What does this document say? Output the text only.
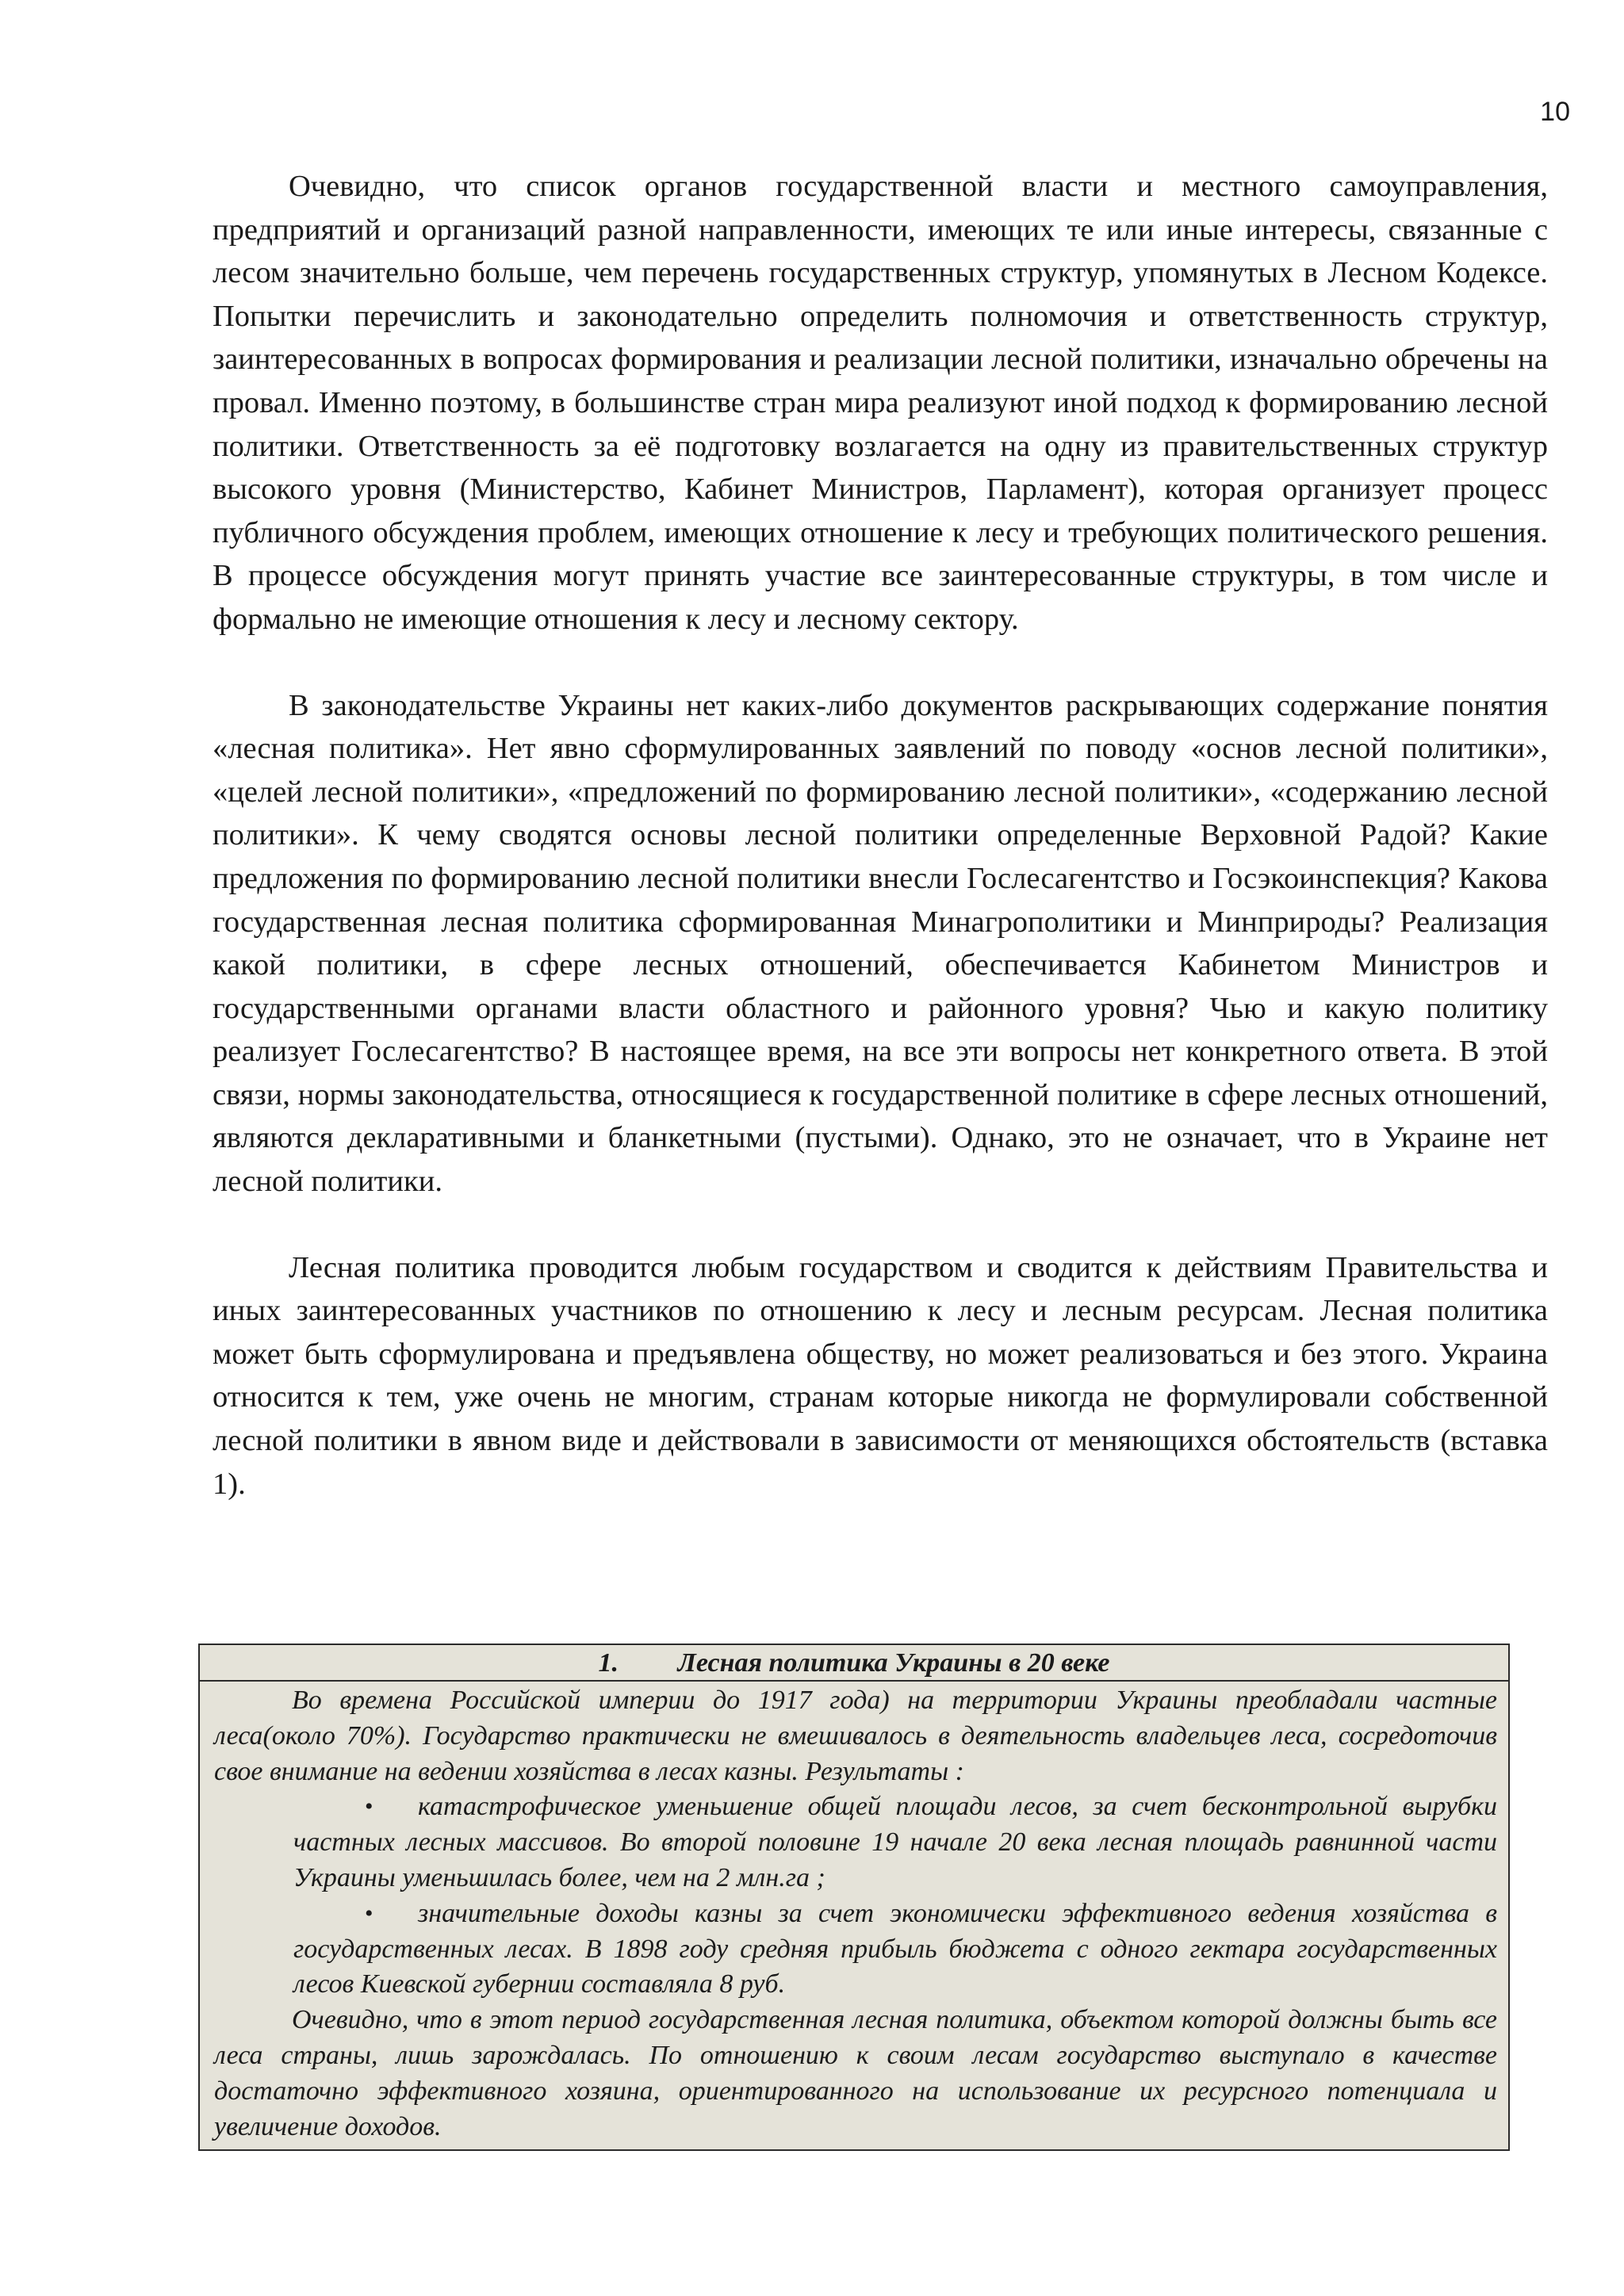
10

Очевидно, что список органов государственной власти и местного самоуправления, предприятий и организаций разной направленности, имеющих те или иные интересы, связанные с лесом значительно больше, чем перечень государственных структур, упомянутых в Лесном Кодексе. Попытки перечислить и законодательно определить полномочия и ответственность структур, заинтересованных в вопросах формирования и реализации лесной политики, изначально обречены на провал. Именно поэтому, в большинстве стран мира реализуют иной подход к формированию лесной политики. Ответственность за её подготовку возлагается на одну из правительственных структур высокого уровня (Министерство, Кабинет Министров, Парламент), которая организует процесс публичного обсуждения проблем, имеющих отношение к лесу и требующих политического решения. В процессе обсуждения могут принять участие все заинтересованные структуры, в том числе и формально не имеющие отношения к лесу и лесному сектору.

В законодательстве Украины нет каких-либо документов раскрывающих содержание понятия «лесная политика». Нет явно сформулированных заявлений по поводу «основ лесной политики», «целей лесной политики», «предложений по формированию лесной политики», «содержанию лесной политики». К чему сводятся основы лесной политики определенные Верховной Радой? Какие предложения по формированию лесной политики внесли Гослесагентство и Госэкоинспекция? Какова государственная лесная политика сформированная Минагрополитики и Минприроды? Реализация какой политики, в сфере лесных отношений, обеспечивается Кабинетом Министров и государственными органами власти областного и районного уровня? Чью и какую политику реализует Гослесагентство? В настоящее время, на все эти вопросы нет конкретного ответа. В этой связи, нормы законодательства, относящиеся к государственной политике в сфере лесных отношений, являются декларативными и бланкетными (пустыми). Однако, это не означает, что в Украине нет лесной политики.

Лесная политика проводится любым государством и сводится к действиям Правительства и иных заинтересованных участников по отношению к лесу и лесным ресурсам. Лесная политика может быть сформулирована и предъявлена обществу, но может реализоваться и без этого. Украина относится к тем, уже очень не многим, странам которые никогда не формулировали собственной лесной политики в явном виде и действовали в зависимости от меняющихся обстоятельств (вставка 1).

1. Лесная политика Украины в 20 веке

Во времена Российской империи до 1917 года) на территории Украины преобладали частные леса(около 70%). Государство практически не вмешивалось в деятельность владельцев леса, сосредоточив свое внимание на ведении хозяйства в лесах казны. Результаты :

• катастрофическое уменьшение общей площади лесов, за счет бесконтрольной вырубки частных лесных массивов. Во второй половине 19 начале 20 века лесная площадь равнинной части Украины уменьшилась более, чем на 2 млн.га ;
• значительные доходы казны за счет экономически эффективного ведения хозяйства в государственных лесах. В 1898 году средняя прибыль бюджета с одного гектара государственных лесов Киевской губернии составляла 8 руб.

Очевидно, что в этот период государственная лесная политика, объектом которой должны быть все леса страны, лишь зарождалась. По отношению к своим лесам государство выступало в качестве достаточно эффективного хозяина, ориентированного на использование их ресурсного потенциала и увеличение доходов.
